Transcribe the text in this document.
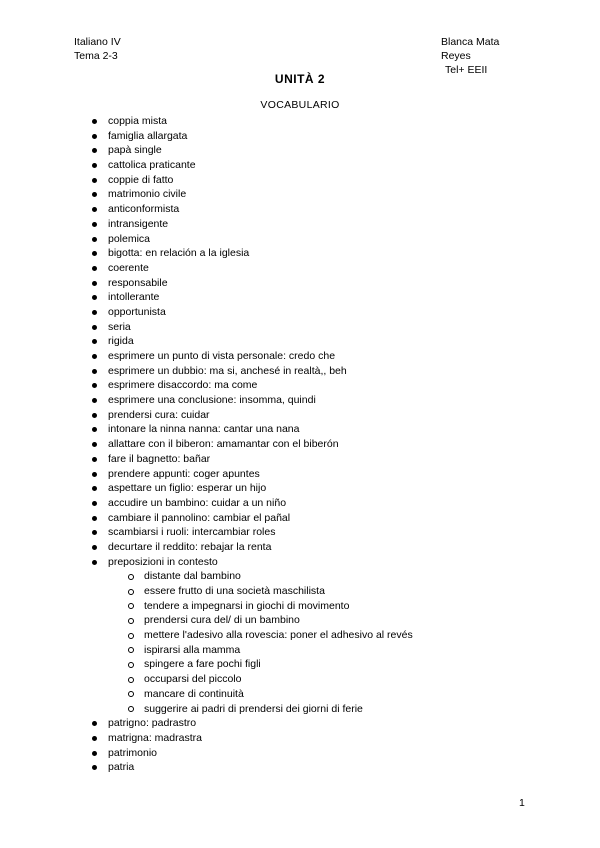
Italiano IV
Tema 2-3
Blanca Mata Reyes
Tel+ EEII
UNITÀ 2
VOCABULARIO
coppia mista
famiglia allargata
papà single
cattolica praticante
coppie di fatto
matrimonio civile
anticonformista
intransigente
polemica
bigotta: en relación a la iglesia
coerente
responsabile
intollerante
opportunista
seria
rigida
esprimere un punto di vista personale: credo che
esprimere un dubbio: ma si, anchesé in realtà,, beh
esprimere disaccordo: ma come
esprimere una conclusione: insomma, quindi
prendersi cura: cuidar
intonare la ninna nanna: cantar una nana
allattare con il biberon: amamantar con el biberón
fare il bagnetto: bañar
prendere appunti: coger apuntes
aspettare un figlio: esperar un hijo
accudire un bambino: cuidar a un niño
cambiare il pannolino: cambiar el pañal
scambiarsi i ruoli: intercambiar roles
decurtare il reddito: rebajar la renta
preposizioni in contesto
distante dal bambino
essere frutto di una società maschilista
tendere a impegnarsi in giochi di movimento
prendersi cura del/ di un bambino
mettere l'adesivo alla rovescia: poner el adhesivo al revés
ispirarsi alla mamma
spingere a fare pochi figli
occuparsi del piccolo
mancare di continuità
suggerire ai padri di prendersi dei giorni di ferie
patrigno: padrastro
matrigna: madrastra
patrimonio
patria
1
